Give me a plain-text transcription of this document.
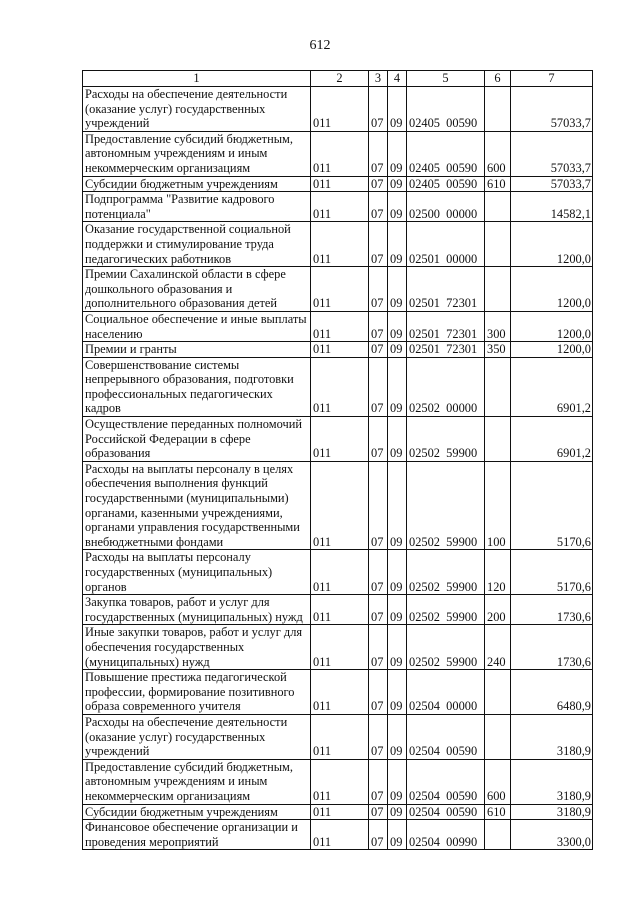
612
1	2	3	4	5	6	7
Расходы на обеспечение деятельности (оказание услуг) государственных учреждений	011	07	09	02405  00590		57033,7
Предоставление субсидий бюджетным, автономным учреждениям и иным некоммерческим организациям	011	07	09	02405  00590	600	57033,7
Субсидии бюджетным учреждениям	011	07	09	02405  00590	610	57033,7
Подпрограмма "Развитие кадрового потенциала"	011	07	09	02500  00000		14582,1
Оказание государственной социальной поддержки и стимулирование труда педагогических работников	011	07	09	02501  00000		1200,0
Премии Сахалинской области в сфере дошкольного образования и дополнительного образования детей	011	07	09	02501  72301		1200,0
Социальное обеспечение и иные выплаты населению	011	07	09	02501  72301	300	1200,0
Премии и гранты	011	07	09	02501  72301	350	1200,0
Совершенствование системы непрерывного образования, подготовки профессиональных педагогических кадров	011	07	09	02502  00000		6901,2
Осуществление переданных полномочий Российской Федерации в сфере образования	011	07	09	02502  59900		6901,2
Расходы на выплаты персоналу в целях обеспечения выполнения функций государственными (муниципальными) органами, казенными учреждениями, органами управления государственными внебюджетными фондами	011	07	09	02502  59900	100	5170,6
Расходы на выплаты персоналу государственных (муниципальных) органов	011	07	09	02502  59900	120	5170,6
Закупка товаров, работ и услуг для государственных (муниципальных) нужд	011	07	09	02502  59900	200	1730,6
Иные закупки товаров, работ и услуг для обеспечения государственных (муниципальных) нужд	011	07	09	02502  59900	240	1730,6
Повышение престижа педагогической профессии, формирование позитивного образа современного учителя	011	07	09	02504  00000		6480,9
Расходы на обеспечение деятельности (оказание услуг) государственных учреждений	011	07	09	02504  00590		3180,9
Предоставление субсидий бюджетным, автономным учреждениям и иным некоммерческим организациям	011	07	09	02504  00590	600	3180,9
Субсидии бюджетным учреждениям	011	07	09	02504  00590	610	3180,9
Финансовое обеспечение организации и проведения мероприятий	011	07	09	02504  00990		3300,0
